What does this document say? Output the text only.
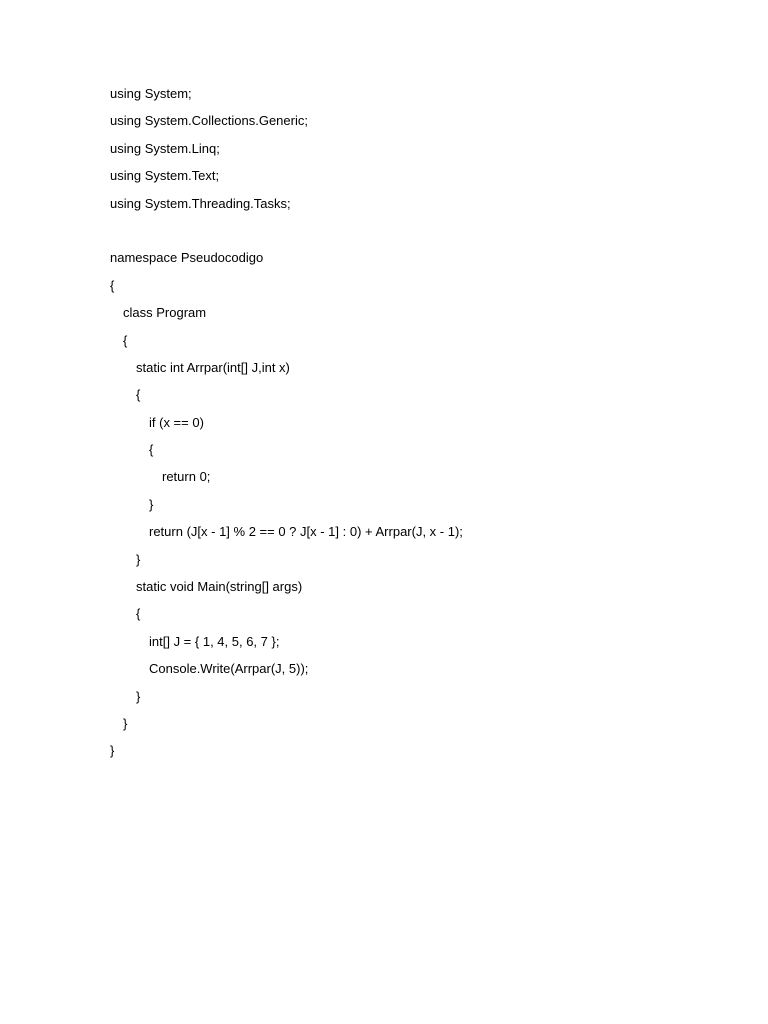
using System;
using System.Collections.Generic;
using System.Linq;
using System.Text;
using System.Threading.Tasks;
namespace Pseudocodigo
{
class Program
{
static int Arrpar(int[] J,int x)
{
if (x == 0)
{
return 0;
}
return (J[x - 1] % 2 == 0 ? J[x - 1] : 0) + Arrpar(J, x - 1);
}
static void Main(string[] args)
{
int[] J = { 1, 4, 5, 6, 7 };
Console.Write(Arrpar(J, 5));
}
}
}
